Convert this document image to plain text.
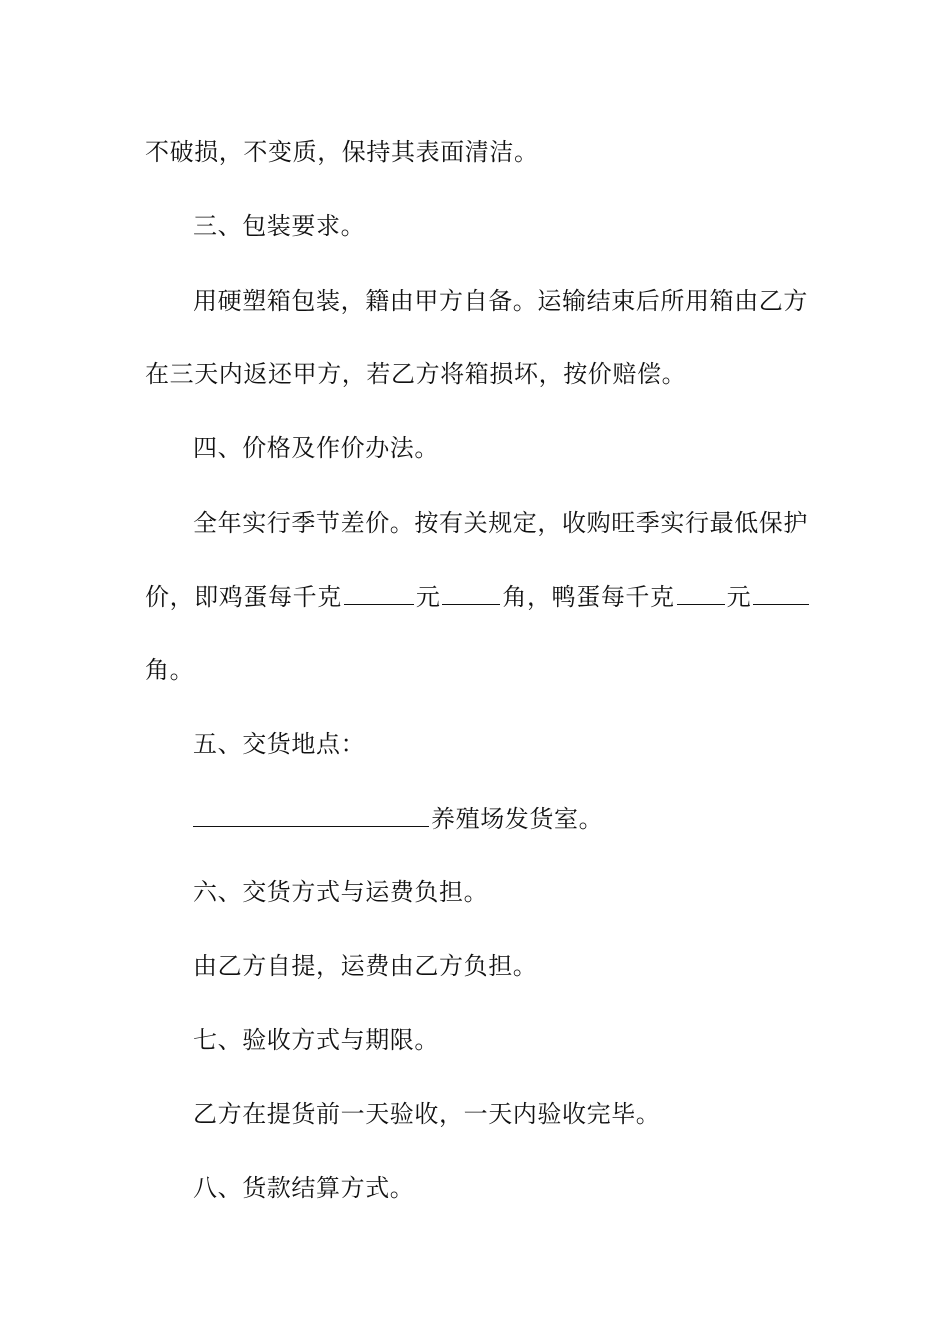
不破损，不变质，保持其表面清洁。
三、包装要求。
用硬塑箱包装，籍由甲方自备。运输结束后所用箱由乙方
在三天内返还甲方，若乙方将箱损坏，按价赔偿。
四、价格及作价办法。
全年实行季节差价。按有关规定，收购旺季实行最低保护
价，即鸡蛋每千克	元	角，鸭蛋每千克 元
角。
五、交货地点：
养殖场发货室。
六、交货方式与运费负担。
由乙方自提，运费由乙方负担。
七、验收方式与期限。
乙方在提货前一天验收，一天内验收完毕。
八、货款结算方式。
